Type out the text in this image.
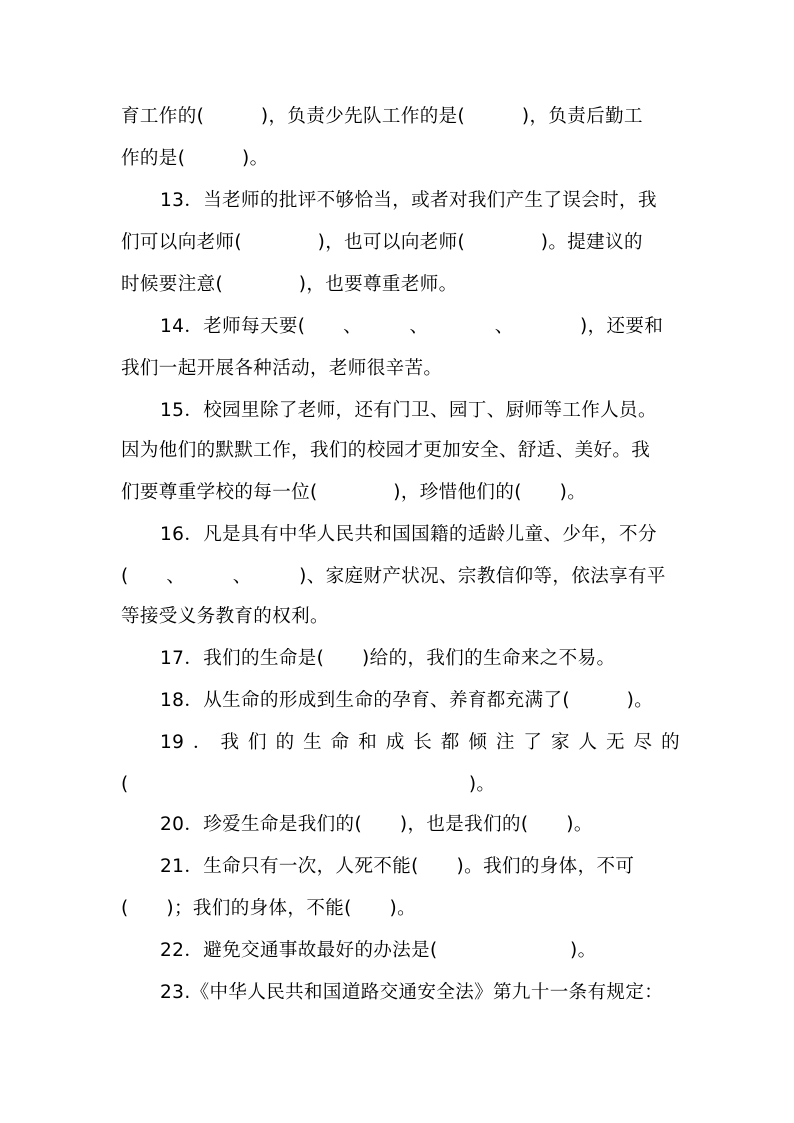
育工作的(　　　)，负责少先队工作的是(　　　)，负责后勤工
作的是(　　　)。
13．当老师的批评不够恰当，或者对我们产生了误会时，我
们可以向老师(　　　　)，也可以向老师(　　　　)。提建议的
时候要注意(　　　　)，也要尊重老师。
14．老师每天要(　　、　　　、　　　　、　　　　)，还要和
我们一起开展各种活动，老师很辛苦。
15．校园里除了老师，还有门卫、园丁、厨师等工作人员。
因为他们的默默工作，我们的校园才更加安全、舒适、美好。我
们要尊重学校的每一位(　　　　)，珍惜他们的(　　)。
16．凡是具有中华人民共和国国籍的适龄儿童、少年，不分
(　　、　　　、　　　)、家庭财产状况、宗教信仰等，依法享有平
等接受义务教育的权利。
17．我们的生命是(　　)给的，我们的生命来之不易。
18．从生命的形成到生命的孕育、养育都充满了(　　　)。
19．我们的生命和成长都倾注了家人无尽的
(　　　　　　　　　　　　　　　　　　)。
20．珍爱生命是我们的(　　)，也是我们的(　　)。
21．生命只有一次，人死不能(　　)。我们的身体，不可
(　　)；我们的身体，不能(　　)。
22．避免交通事故最好的办法是(　　　　　　　)。
23.《中华人民共和国道路交通安全法》第九十一条有规定：
